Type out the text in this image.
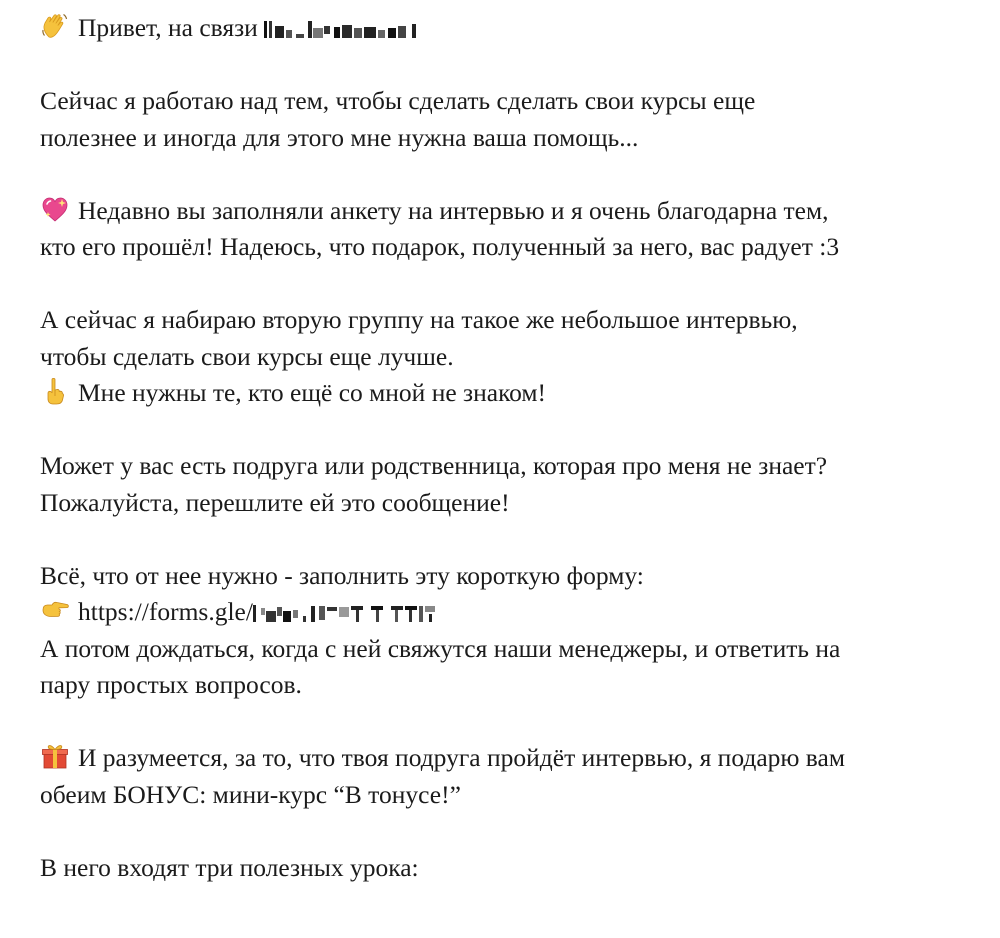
Привет, на связи
Сейчас я работаю над тем, чтобы сделать сделать свои курсы еще
полезнее и иногда для этого мне нужна ваша помощь...
Недавно вы заполняли анкету на интервью и я очень благодарна тем,
кто его прошёл! Надеюсь, что подарок, полученный за него, вас радует :3
А сейчас я набираю вторую группу на такое же небольшое интервью,
чтобы сделать свои курсы еще лучше.
Мне нужны те, кто ещё со мной не знаком!
Может у вас есть подруга или родственница, которая про меня не знает?
Пожалуйста, перешлите ей это сообщение!
Всё, что от нее нужно - заполнить эту короткую форму:
https://forms.gle/
А потом дождаться, когда с ней свяжутся наши менеджеры, и ответить на
пару простых вопросов.
И разумеется, за то, что твоя подруга пройдёт интервью, я подарю вам
обеим БОНУС: мини-курс “В тонусе!”
В него входят три полезных урока:
